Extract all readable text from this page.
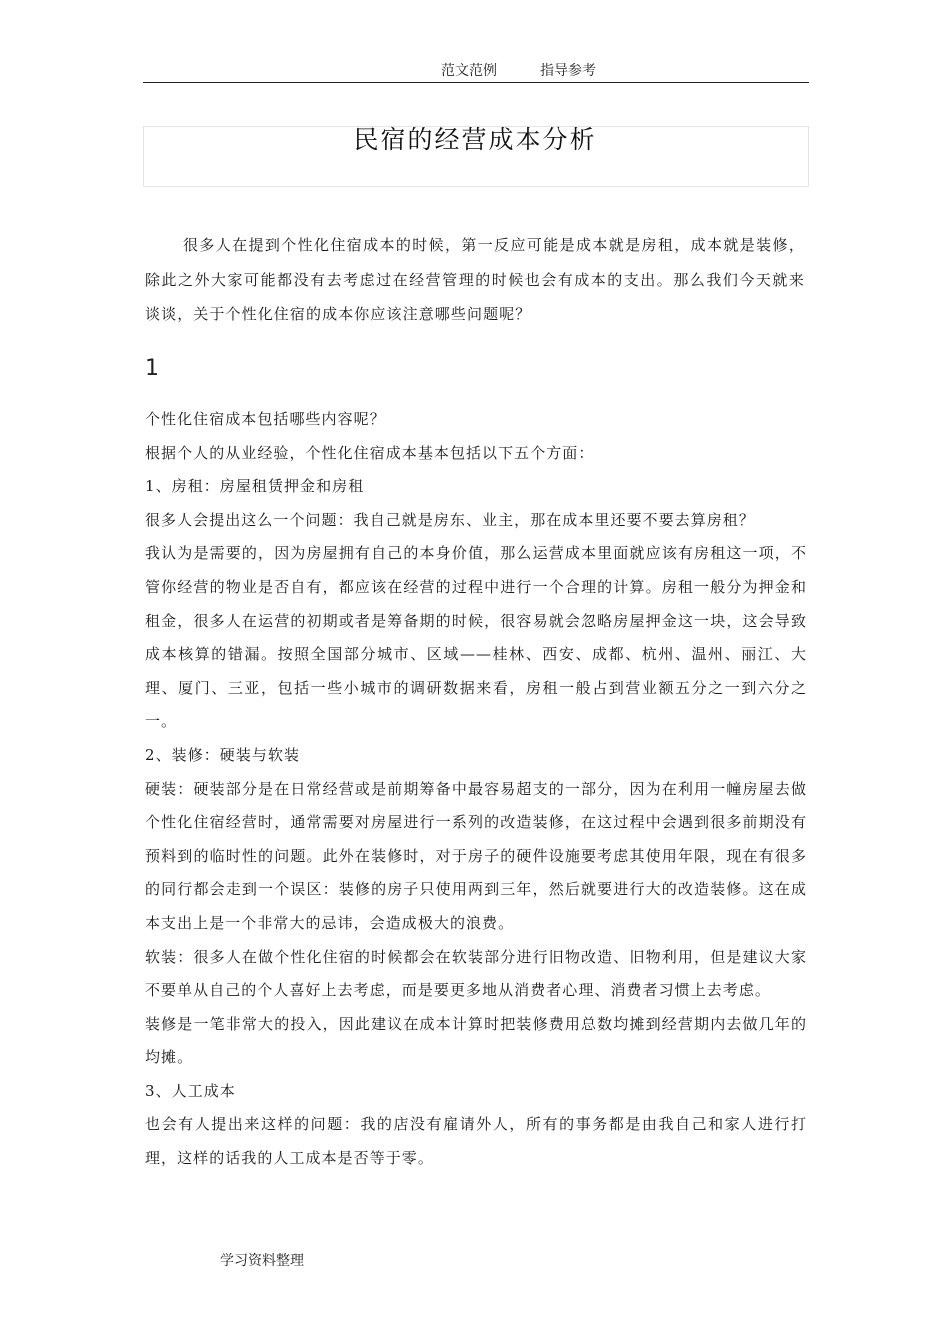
范文范例	指导参考
民宿的经营成本分析

很多人在提到个性化住宿成本的时候，第一反应可能是成本就是房租，成本就是装修，除此之外大家可能都没有去考虑过在经营管理的时候也会有成本的支出。那么我们今天就来谈谈，关于个性化住宿的成本你应该注意哪些问题呢？

1

个性化住宿成本包括哪些内容呢？

根据个人的从业经验，个性化住宿成本基本包括以下五个方面：

1、房租：房屋租赁押金和房租

很多人会提出这么一个问题：我自己就是房东、业主，那在成本里还要不要去算房租？

我认为是需要的，因为房屋拥有自己的本身价值，那么运营成本里面就应该有房租这一项，不管你经营的物业是否自有，都应该在经营的过程中进行一个合理的计算。房租一般分为押金和租金，很多人在运营的初期或者是筹备期的时候，很容易就会忽略房屋押金这一块，这会导致成本核算的错漏。按照全国部分城市、区域——桂林、西安、成都、杭州、温州、丽江、大理、厦门、三亚，包括一些小城市的调研数据来看，房租一般占到营业额五分之一到六分之一。

2、装修：硬装与软装

硬装：硬装部分是在日常经营或是前期筹备中最容易超支的一部分，因为在利用一幢房屋去做个性化住宿经营时，通常需要对房屋进行一系列的改造装修，在这过程中会遇到很多前期没有预料到的临时性的问题。此外在装修时，对于房子的硬件设施要考虑其使用年限，现在有很多的同行都会走到一个误区：装修的房子只使用两到三年，然后就要进行大的改造装修。这在成本支出上是一个非常大的忌讳，会造成极大的浪费。

软装：很多人在做个性化住宿的时候都会在软装部分进行旧物改造、旧物利用，但是建议大家不要单从自己的个人喜好上去考虑，而是要更多地从消费者心理、消费者习惯上去考虑。

装修是一笔非常大的投入，因此建议在成本计算时把装修费用总数均摊到经营期内去做几年的均摊。

3、人工成本

也会有人提出来这样的问题：我的店没有雇请外人，所有的事务都是由我自己和家人进行打理，这样的话我的人工成本是否等于零。

学习资料整理
